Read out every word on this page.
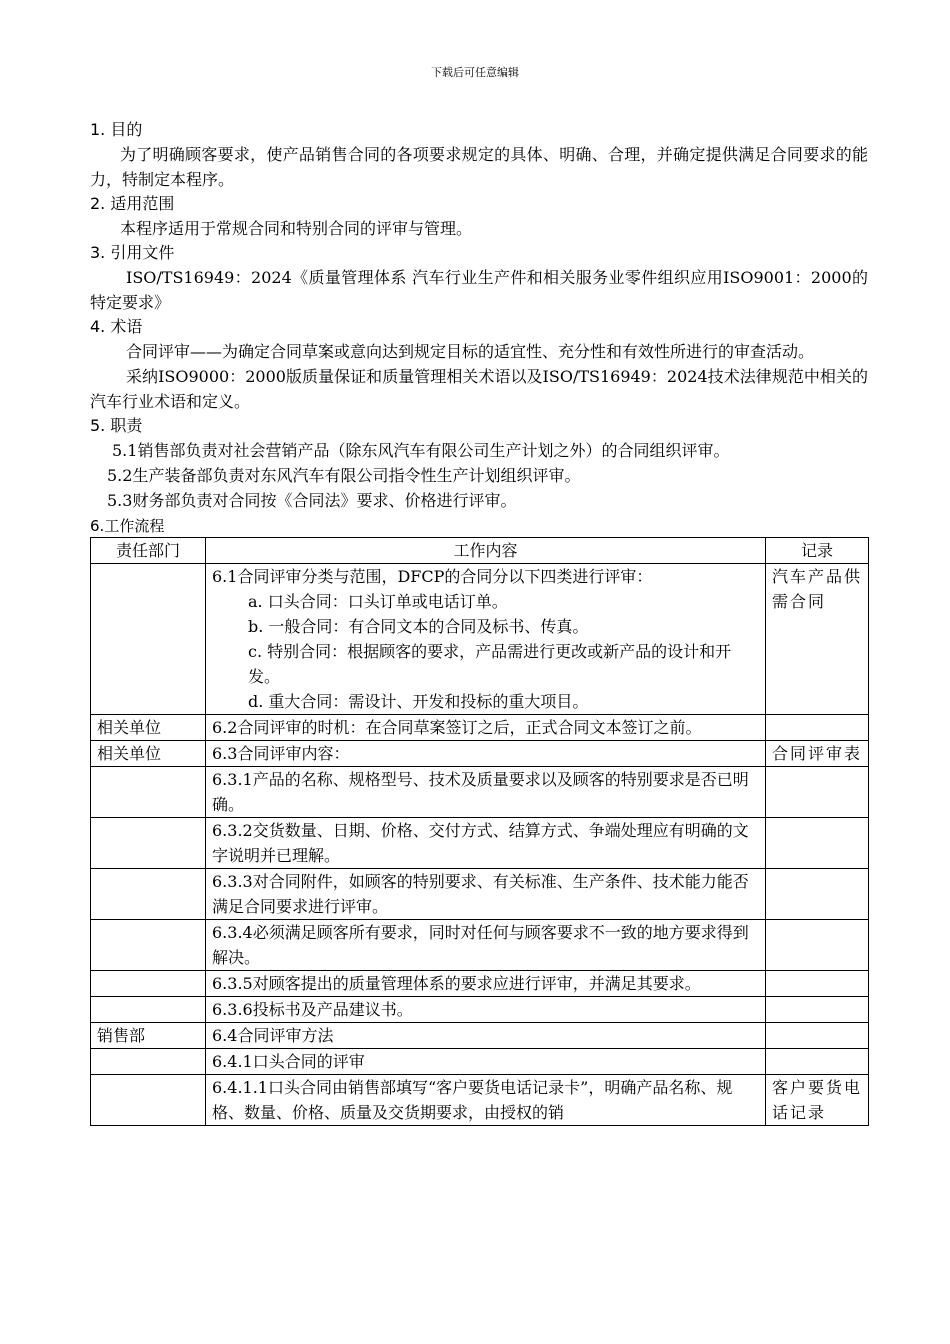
下载后可任意编辑
1. 目的
为了明确顾客要求，使产品销售合同的各项要求规定的具体、明确、合理，并确定提供满足合同要求的能力，特制定本程序。
2. 适用范围
本程序适用于常规合同和特别合同的评审与管理。
3. 引用文件
ISO/TS16949：2024《质量管理体系 汽车行业生产件和相关服务业零件组织应用ISO9001：2000的特定要求》
4. 术语
合同评审——为确定合同草案或意向达到规定目标的适宜性、充分性和有效性所进行的审查活动。
采纳ISO9000：2000版质量保证和质量管理相关术语以及ISO/TS16949：2024技术法律规范中相关的汽车行业术语和定义。
5. 职责
5.1销售部负责对社会营销产品（除东风汽车有限公司生产计划之外）的合同组织评审。
5.2生产装备部负责对东风汽车有限公司指令性生产计划组织评审。
5.3财务部负责对合同按《合同法》要求、价格进行评审。
6.工作流程
责任部门	工作内容	记录

	6.1合同评审分类与范围，DFCP的合同分以下四类进行评审：
a. 口头合同：口头订单或电话订单。
b. 一般合同：有合同文本的合同及标书、传真。
c. 特别合同：根据顾客的要求，产品需进行更改或新产品的设计和开发。
d. 重大合同：需设计、开发和投标的重大项目。	汽车产品供需合同
相关单位	6.2合同评审的时机：在合同草案签订之后，正式合同文本签订之前。	
相关单位	6.3合同评审内容：	合同评审表
	6.3.1产品的名称、规格型号、技术及质量要求以及顾客的特别要求是否已明确。	
	6.3.2交货数量、日期、价格、交付方式、结算方式、争端处理应有明确的文字说明并已理解。	
	6.3.3对合同附件，如顾客的特别要求、有关标准、生产条件、技术能力能否满足合同要求进行评审。	
	6.3.4必须满足顾客所有要求，同时对任何与顾客要求不一致的地方要求得到解决。	
	6.3.5对顾客提出的质量管理体系的要求应进行评审，并满足其要求。	
	6.3.6投标书及产品建议书。	
销售部	6.4合同评审方法	
	6.4.1口头合同的评审	
	6.4.1.1口头合同由销售部填写“客户要货电话记录卡”，明确产品名称、规格、数量、价格、质量及交货期要求，由授权的销	客户要货电话记录
